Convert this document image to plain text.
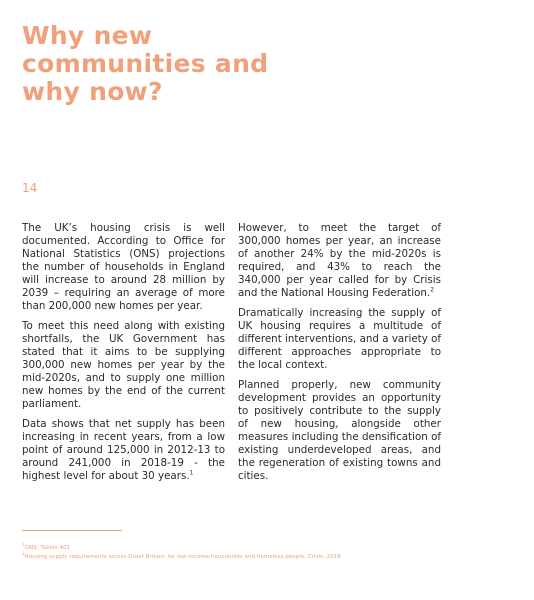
Why new
communities and
why now?
14

The UK’s housing crisis is well documented. According to Office for National Statistics (ONS) projections the number of households in England will increase to around 28 million by 2039 – requiring an average of more than 200,000 new homes per year.

To meet this need along with existing shortfalls, the UK Government has stated that it aims to be supplying 300,000 new homes per year by the mid-2020s, and to supply one million new homes by the end of the current parliament.

Data shows that net supply has been increasing in recent years, from a low point of around 125,000 in 2012-13 to around 241,000 in 2018-19 - the highest level for about 30 years.$^1$

However, to meet the target of 300,000 homes per year, an increase of another 24% by the mid-2020s is required, and 43% to reach the 340,000 per year called for by Crisis and the National Housing Federation.$^2$

Dramatically increasing the supply of UK housing requires a multitude of different interventions, and a variety of different approaches appropriate to the local context.

Planned properly, new community development provides an opportunity to positively contribute to the supply of new housing, alongside other measures including the densification of existing underdeveloped areas, and the regeneration of existing towns and cities.

$^1$ONS, Tables 401
$^2$Housing supply requirements across Great Britain: for low-income households and homeless people, Crisis, 2018
